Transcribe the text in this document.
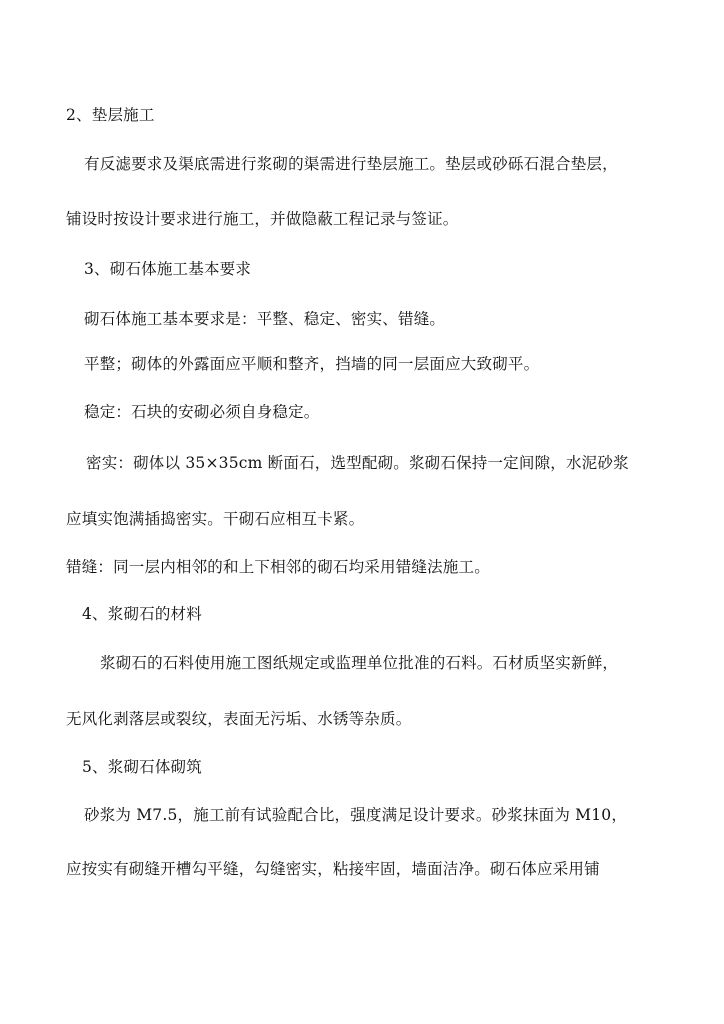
2、垫层施工
有反滤要求及渠底需进行浆砌的渠需进行垫层施工。垫层或砂砾石混合垫层，
铺设时按设计要求进行施工，并做隐蔽工程记录与签证。
3、砌石体施工基本要求
砌石体施工基本要求是：平整、稳定、密实、错缝。
平整；砌体的外露面应平顺和整齐，挡墙的同一层面应大致砌平。
稳定：石块的安砌必须自身稳定。
密实：砌体以 35×35cm 断面石，选型配砌。浆砌石保持一定间隙，水泥砂浆
应填实饱满插捣密实。干砌石应相互卡紧。
错缝：同一层内相邻的和上下相邻的砌石均采用错缝法施工。
4、浆砌石的材料
浆砌石的石料使用施工图纸规定或监理单位批准的石料。石材质坚实新鲜，
无风化剥落层或裂纹，表面无污垢、水锈等杂质。
5、浆砌石体砌筑
砂浆为 M7.5，施工前有试验配合比，强度满足设计要求。砂浆抹面为 M10，
应按实有砌缝开槽勾平缝，勾缝密实，粘接牢固，墙面洁净。砌石体应采用铺
